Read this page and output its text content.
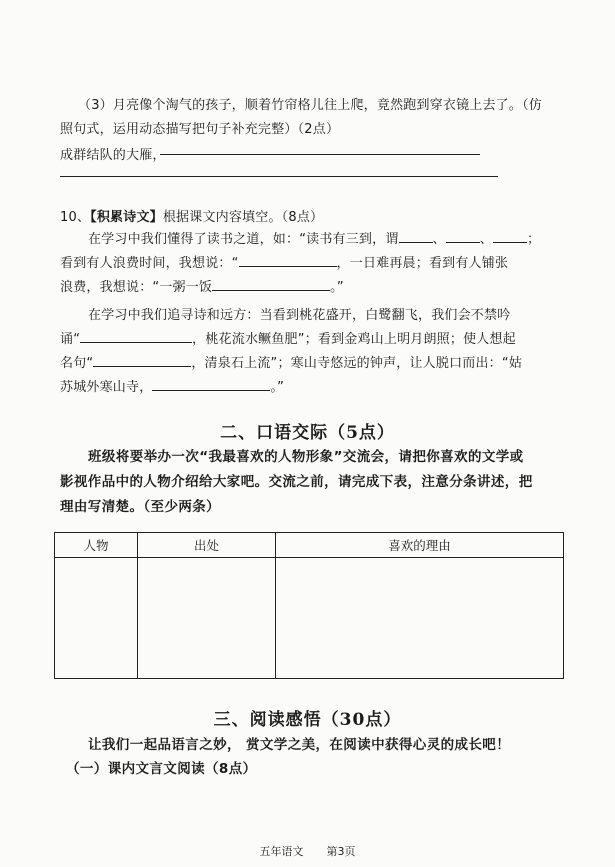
（3）月亮像个淘气的孩子，顺着竹帘格儿往上爬，竟然跑到穿衣镜上去了。（仿
照句式，运用动态描写把句子补充完整）（2点）
成群结队的大雁，
10、【积累诗文】根据课文内容填空。（8点）
在学习中我们懂得了读书之道，如：“读书有三到，谓	、	、	；
看到有人浪费时间，我想说：“	，一日难再晨；看到有人铺张
浪费，我想说：“一粥一饭	。”
在学习中我们追寻诗和远方：当看到桃花盛开，白鹭翻飞，我们会不禁吟
诵“	，桃花流水鳜鱼肥”；看到金鸡山上明月朗照；使人想起
名句“	，清泉石上流”；寒山寺悠远的钟声，让人脱口而出：“姑
苏城外寒山寺，	。”
二、口语交际（5点）
班级将要举办一次“我最喜欢的人物形象”交流会，请把你喜欢的文学或
影视作品中的人物介绍给大家吧。交流之前，请完成下表，注意分条讲述，把
理由写清楚。（至少两条）
人物	出处	喜欢的理由

三、阅读感悟（30点）
让我们一起品语言之妙， 赏文学之美，在阅读中获得心灵的成长吧！
（一）课内文言文阅读（8点）
五年语文 第3页
